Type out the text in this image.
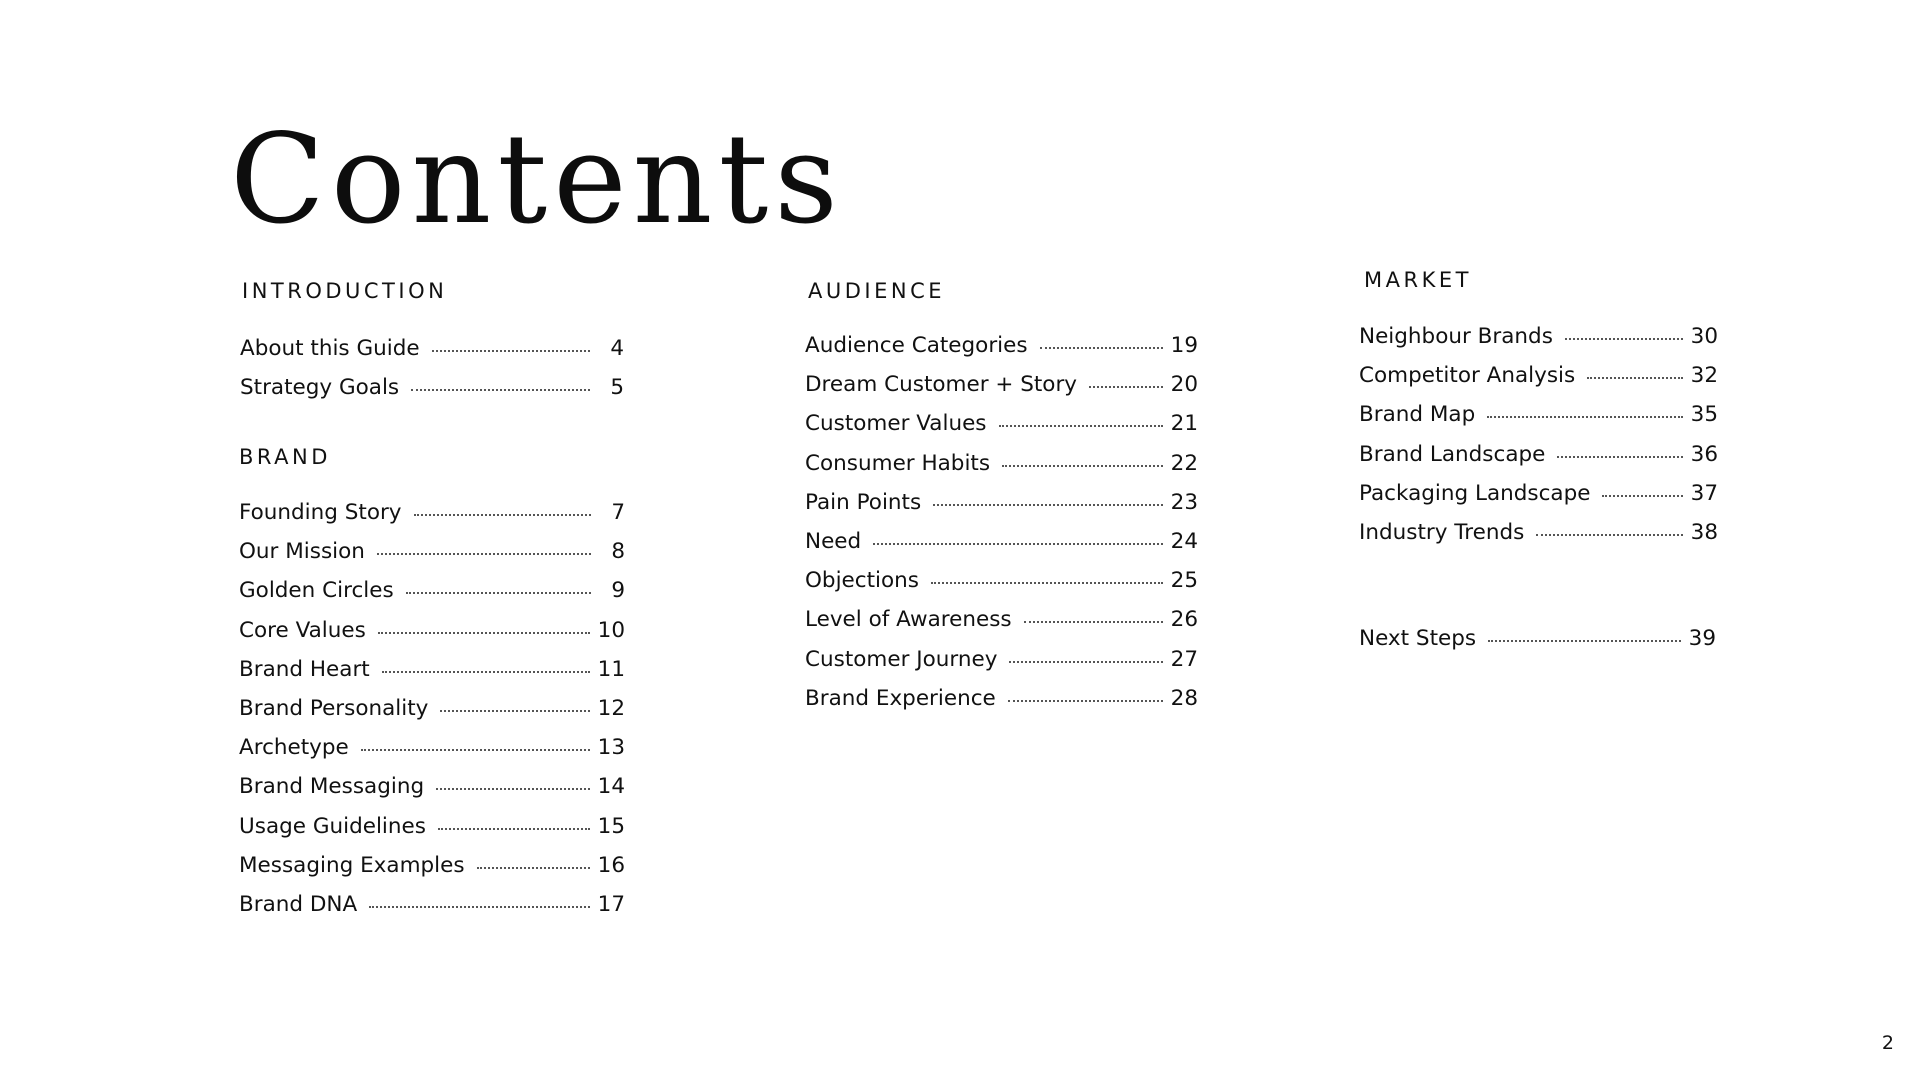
Contents
INTRODUCTION
About this Guide	4
Strategy Goals	5
BRAND
Founding Story	7
Our Mission	8
Golden Circles	9
Core Values	10
Brand Heart	11
Brand Personality	12
Archetype	13
Brand Messaging	14
Usage Guidelines	15
Messaging Examples	16
Brand DNA	17
AUDIENCE
Audience Categories	19
Dream Customer + Story	20
Customer Values	21
Consumer Habits	22
Pain Points	23
Need	24
Objections	25
Level of Awareness	26
Customer Journey	27
Brand Experience	28
MARKET
Neighbour Brands	30
Competitor Analysis	32
Brand Map	35
Brand Landscape	36
Packaging Landscape	37
Industry Trends	38
Next Steps	39
2
